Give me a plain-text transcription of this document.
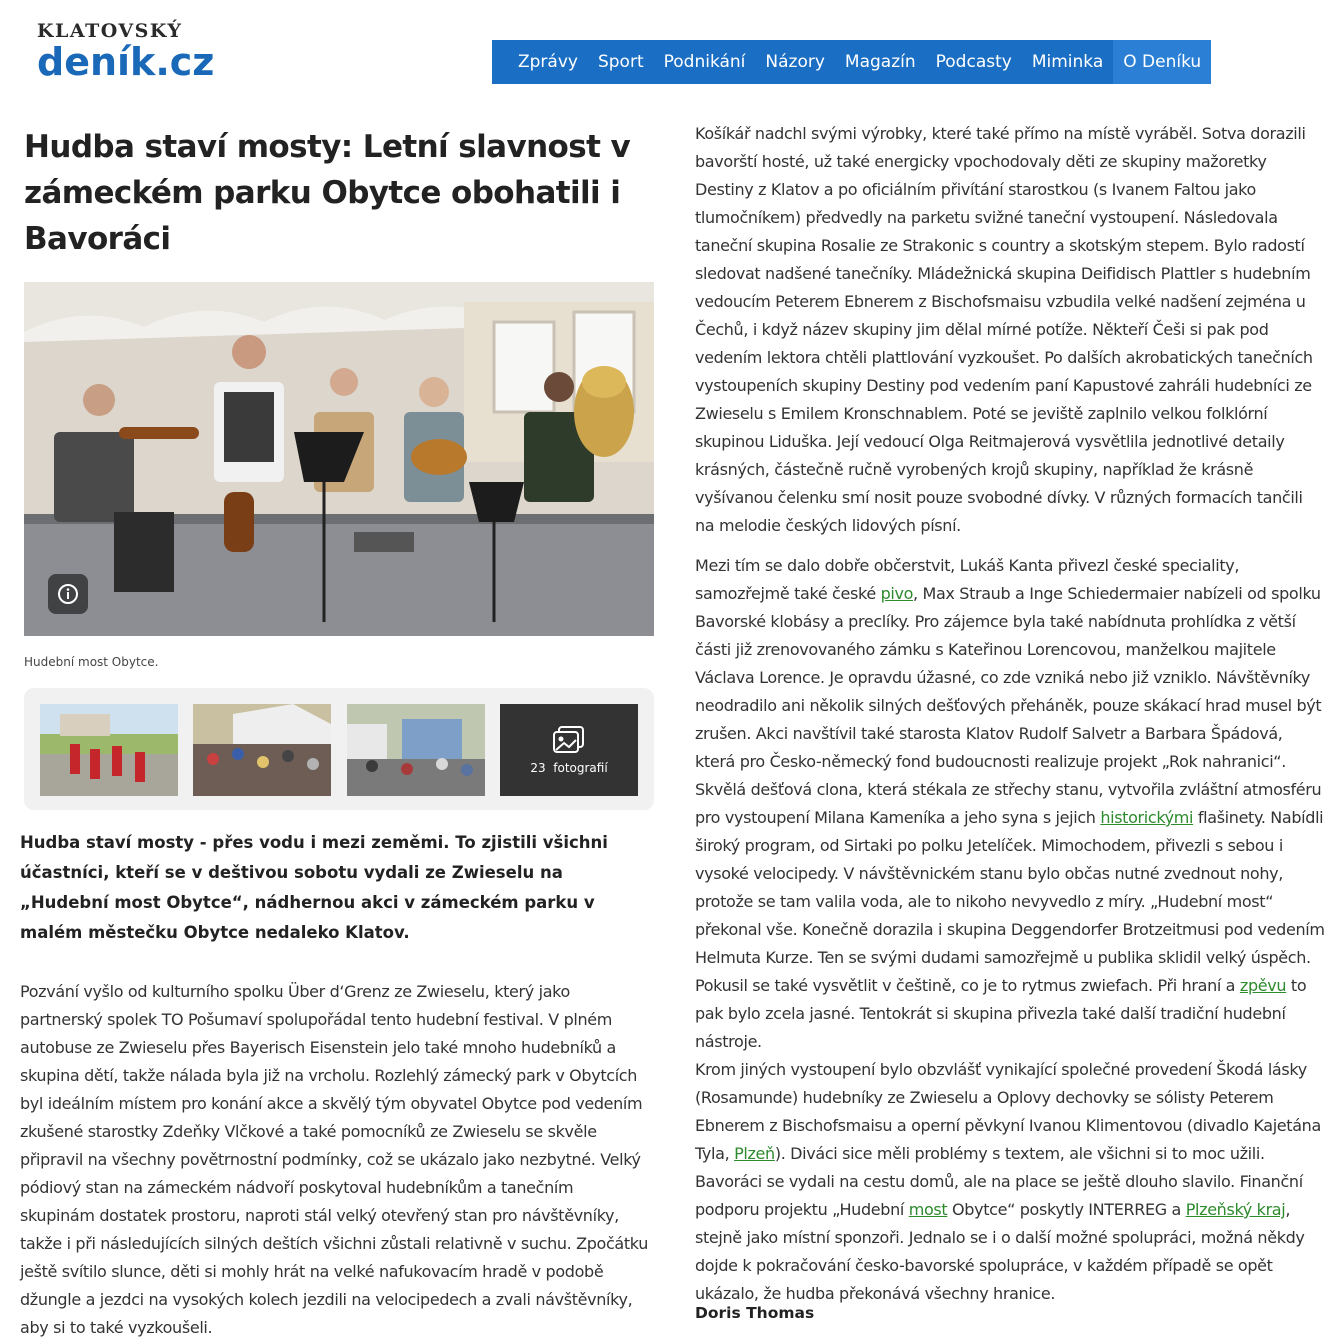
KLATOVSKÝ
deník.cz	Zprávy	Sport	Podnikání	Názory	Magazín	Podcasty	Miminka	O Deníku
Hudba staví mosty: Letní slavnost v zámeckém parku Obytce obohatili i Bavoráci
Hudební most Obytce.
23 fotografií

Hudba staví mosty - přes vodu i mezi zeměmi. To zjistili všichni účastníci, kteří se v deštivou sobotu vydali ze Zwieselu na „Hudební most Obytce“, nádhernou akci v zámeckém parku v malém městečku Obytce nedaleko Klatov.

Pozvání vyšlo od kulturního spolku Über d‘Grenz ze Zwieselu, který jako partnerský spolek TO Pošumaví spolupořádal tento hudební festival. V plném autobuse ze Zwieselu přes Bayerisch Eisenstein jelo také mnoho hudebníků a skupina dětí, takže nálada byla již na vrcholu. Rozlehlý zámecký park v Obytcích byl ideálním místem pro konání akce a skvělý tým obyvatel Obytce pod vedením zkušené starostky Zdeňky Vlčkové a také pomocníků ze Zwieselu se skvěle připravil na všechny povětrnostní podmínky, což se ukázalo jako nezbytné. Velký pódiový stan na zámeckém nádvoří poskytoval hudebníkům a tanečním skupinám dostatek prostoru, naproti stál velký otevřený stan pro návštěvníky, takže i při následujících silných deštích všichni zůstali relativně v suchu. Zpočátku ještě svítilo slunce, děti si mohly hrát na velké nafukovacím hradě v podobě džungle a jezdci na vysokých kolech jezdili na velocipedech a zvali návštěvníky, aby si to také vyzkoušeli.

Košíkář nadchl svými výrobky, které také přímo na místě vyráběl. Sotva dorazili bavorští hosté, už také energicky vpochodovaly děti ze skupiny mažoretky Destiny z Klatov a po oficiálním přivítání starostkou (s Ivanem Faltou jako tlumočníkem) předvedly na parketu svižné taneční vystoupení. Následovala taneční skupina Rosalie ze Strakonic s country a skotským stepem. Bylo radostí sledovat nadšené tanečníky. Mládežnická skupina Deifidisch Plattler s hudebním vedoucím Peterem Ebnerem z Bischofsmaisu vzbudila velké nadšení zejména u Čechů, i když název skupiny jim dělal mírné potíže. Někteří Češi si pak pod vedením lektora chtěli plattlování vyzkoušet. Po dalších akrobatických tanečních vystoupeních skupiny Destiny pod vedením paní Kapustové zahráli hudebníci ze Zwieselu s Emilem Kronschnablem. Poté se jeviště zaplnilo velkou folklórní skupinou Liduška. Její vedoucí Olga Reitmajerová vysvětlila jednotlivé detaily krásných, částečně ručně vyrobených krojů skupiny, například že krásně vyšívanou čelenku smí nosit pouze svobodné dívky. V různých formacích tančili na melodie českých lidových písní.

Mezi tím se dalo dobře občerstvit, Lukáš Kanta přivezl české speciality, samozřejmě také české pivo, Max Straub a Inge Schiedermaier nabízeli od spolku Bavorské klobásy a preclíky. Pro zájemce byla také nabídnuta prohlídka z větší části již zrenovovaného zámku s Kateřinou Lorencovou, manželkou majitele Václava Lorence. Je opravdu úžasné, co zde vzniká nebo již vzniklo. Návštěvníky neodradilo ani několik silných dešťových přeháněk, pouze skákací hrad musel být zrušen. Akci navštívil také starosta Klatov Rudolf Salvetr a Barbara Špádová, která pro Česko-německý fond budoucnosti realizuje projekt „Rok nahranici“. Skvělá dešťová clona, která stékala ze střechy stanu, vytvořila zvláštní atmosféru pro vystoupení Milana Kameníka a jeho syna s jejich historickými flašinety. Nabídli široký program, od Sirtaki po polku Jetelíček. Mimochodem, přivezli s sebou i vysoké velocipedy. V návštěvnickém stanu bylo občas nutné zvednout nohy, protože se tam valila voda, ale to nikoho nevyvedlo z míry. „Hudební most“ překonal vše. Konečně dorazila i skupina Deggendorfer Brotzeitmusi pod vedením Helmuta Kurze. Ten se svými dudami samozřejmě u publika sklidil velký úspěch. Pokusil se také vysvětlit v češtině, co je to rytmus zwiefach. Při hraní a zpěvu to pak bylo zcela jasné. Tentokrát si skupina přivezla také další tradiční hudební nástroje.

Krom jiných vystoupení bylo obzvlášť vynikající společné provedení Škodá lásky (Rosamunde) hudebníky ze Zwieselu a Oplovy dechovky se sólisty Peterem Ebnerem z Bischofsmaisu a operní pěvkyní Ivanou Klimentovou (divadlo Kajetána Tyla, Plzeň). Diváci sice měli problémy s textem, ale všichni si to moc užili. Bavoráci se vydali na cestu domů, ale na place se ještě dlouho slavilo. Finanční podporu projektu „Hudební most Obytce“ poskytly INTERREG a Plzeňský kraj, stejně jako místní sponzoři. Jednalo se i o další možné spolupráci, možná někdy dojde k pokračování česko-bavorské spolupráce, v každém případě se opět ukázalo, že hudba překonává všechny hranice.

Doris Thomas
